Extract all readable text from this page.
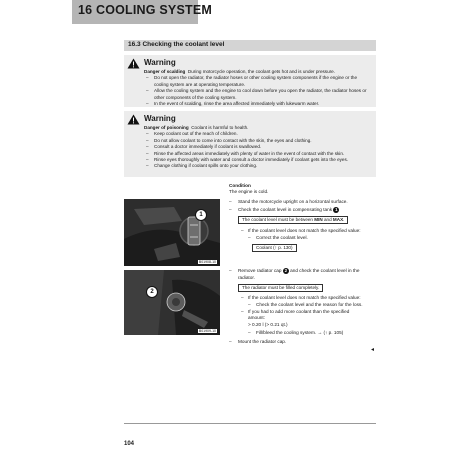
16 COOLING SYSTEM
16.3 Checking the coolant level
Warning
Danger of scalding During motorcycle operation, the coolant gets hot and is under pressure.
– Do not open the radiator, the radiator hoses or other cooling system components if the engine or the cooling system are at operating temperature.
– Allow the cooling system and the engine to cool down before you open the radiator, the radiator hoses or other components of the cooling system.
– In the event of scalding, rinse the area affected immediately with lukewarm water.
Warning
Danger of poisoning Coolant is harmful to health.
– Keep coolant out of the reach of children.
– Do not allow coolant to come into contact with the skin, the eyes and clothing.
– Consult a doctor immediately if coolant is swallowed.
– Rinse the affected areas immediately with plenty of water in the event of contact with the skin.
– Rinse eyes thoroughly with water and consult a doctor immediately if coolant gets into the eyes.
– Change clothing if coolant spills onto your clothing.
1
B01908-10
2
B01909-10
Condition
The engine is cold.
– Stand the motorcycle upright on a horizontal surface.
– Check the coolant level in compensating tank 1
The coolant level must be between MIN and MAX.
– If the coolant level does not match the specified value:
– Correct the coolant level.
Coolant (↑ p. 130)
– Remove radiator cap 2 and check the coolant level in the
radiator.
The radiator must be filled completely.
– If the coolant level does not match the specified value:
– Check the coolant level and the reason for the loss.
– If you had to add more coolant than the specified
amount:
> 0.20 l (> 0.21 qt.)
– Fill/bleed the cooling system. → (↑ p. 105)
– Mount the radiator cap.
◂
104
